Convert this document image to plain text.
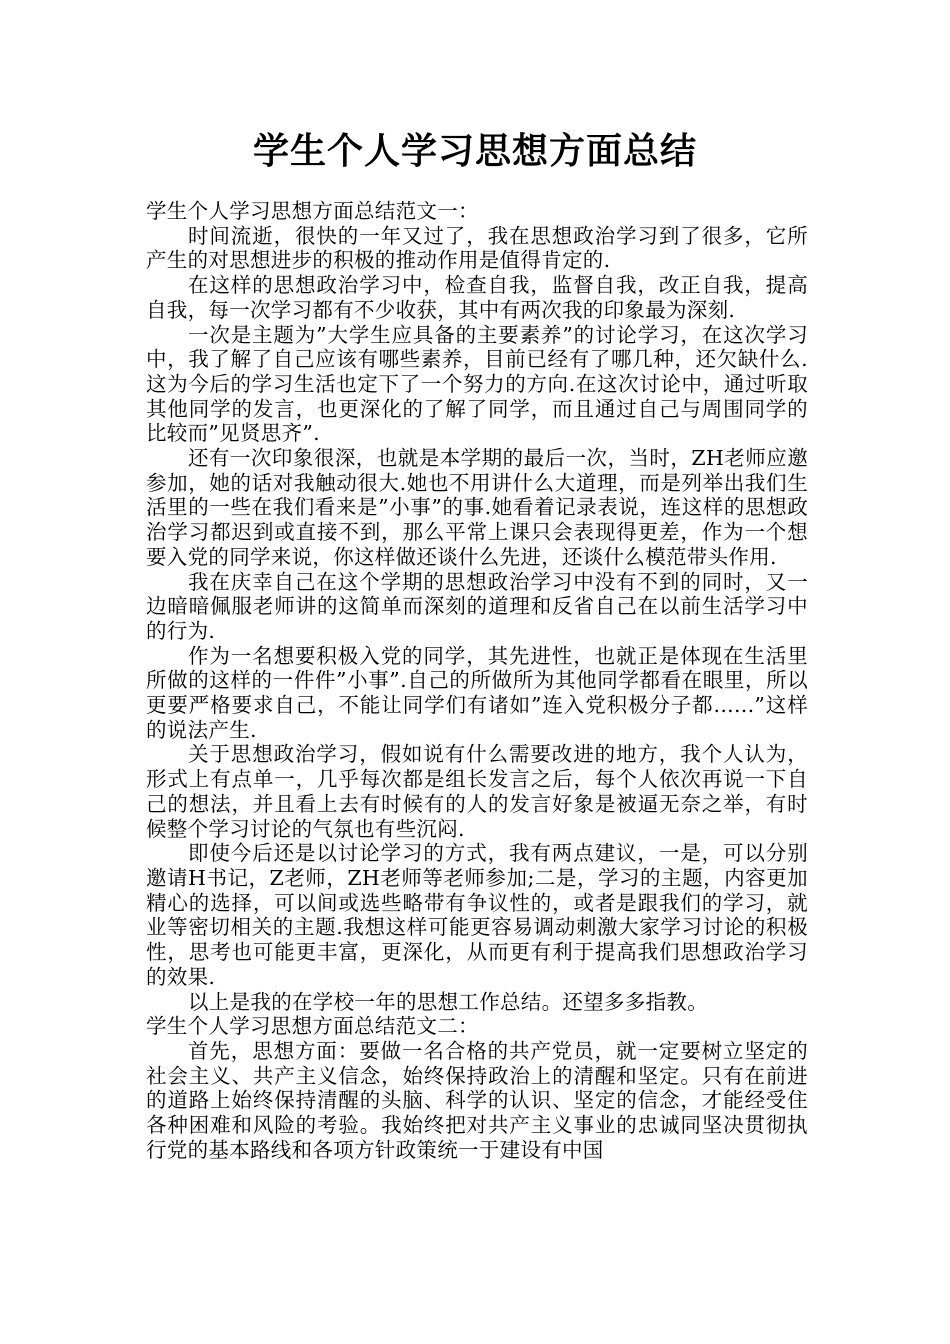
学生个人学习思想方面总结

学生个人学习思想方面总结范文一：

时间流逝，很快的一年又过了，我在思想政治学习到了很多，它所产生的对思想进步的积极的推动作用是值得肯定的.

在这样的思想政治学习中，检查自我，监督自我，改正自我，提高自我，每一次学习都有不少收获，其中有两次我的印象最为深刻.

一次是主题为”大学生应具备的主要素养”的讨论学习，在这次学习中，我了解了自己应该有哪些素养，目前已经有了哪几种，还欠缺什么.这为今后的学习生活也定下了一个努力的方向.在这次讨论中，通过听取其他同学的发言，也更深化的了解了同学，而且通过自己与周围同学的比较而”见贤思齐”.

还有一次印象很深，也就是本学期的最后一次，当时，ZH老师应邀参加，她的话对我触动很大.她也不用讲什么大道理，而是列举出我们生活里的一些在我们看来是”小事”的事.她看着记录表说，连这样的思想政治学习都迟到或直接不到，那么平常上课只会表现得更差，作为一个想要入党的同学来说，你这样做还谈什么先进，还谈什么模范带头作用.

我在庆幸自己在这个学期的思想政治学习中没有不到的同时，又一边暗暗佩服老师讲的这简单而深刻的道理和反省自己在以前生活学习中的行为.

作为一名想要积极入党的同学，其先进性，也就正是体现在生活里所做的这样的一件件”小事”.自己的所做所为其他同学都看在眼里，所以更要严格要求自己，不能让同学们有诸如”连入党积极分子都......”这样的说法产生.

关于思想政治学习，假如说有什么需要改进的地方，我个人认为，形式上有点单一，几乎每次都是组长发言之后，每个人依次再说一下自己的想法，并且看上去有时候有的人的发言好象是被逼无奈之举，有时候整个学习讨论的气氛也有些沉闷.

即使今后还是以讨论学习的方式，我有两点建议，一是，可以分别邀请H书记，Z老师，ZH老师等老师参加;二是，学习的主题，内容更加精心的选择，可以间或选些略带有争议性的，或者是跟我们的学习，就业等密切相关的主题.我想这样可能更容易调动刺激大家学习讨论的积极性，思考也可能更丰富，更深化，从而更有利于提高我们思想政治学习的效果.

以上是我的在学校一年的思想工作总结。还望多多指教。

学生个人学习思想方面总结范文二：

首先，思想方面：要做一名合格的共产党员，就一定要树立坚定的社会主义、共产主义信念，始终保持政治上的清醒和坚定。只有在前进的道路上始终保持清醒的头脑、科学的认识、坚定的信念，才能经受住各种困难和风险的考验。我始终把对共产主义事业的忠诚同坚决贯彻执行党的基本路线和各项方针政策统一于建设有中国
